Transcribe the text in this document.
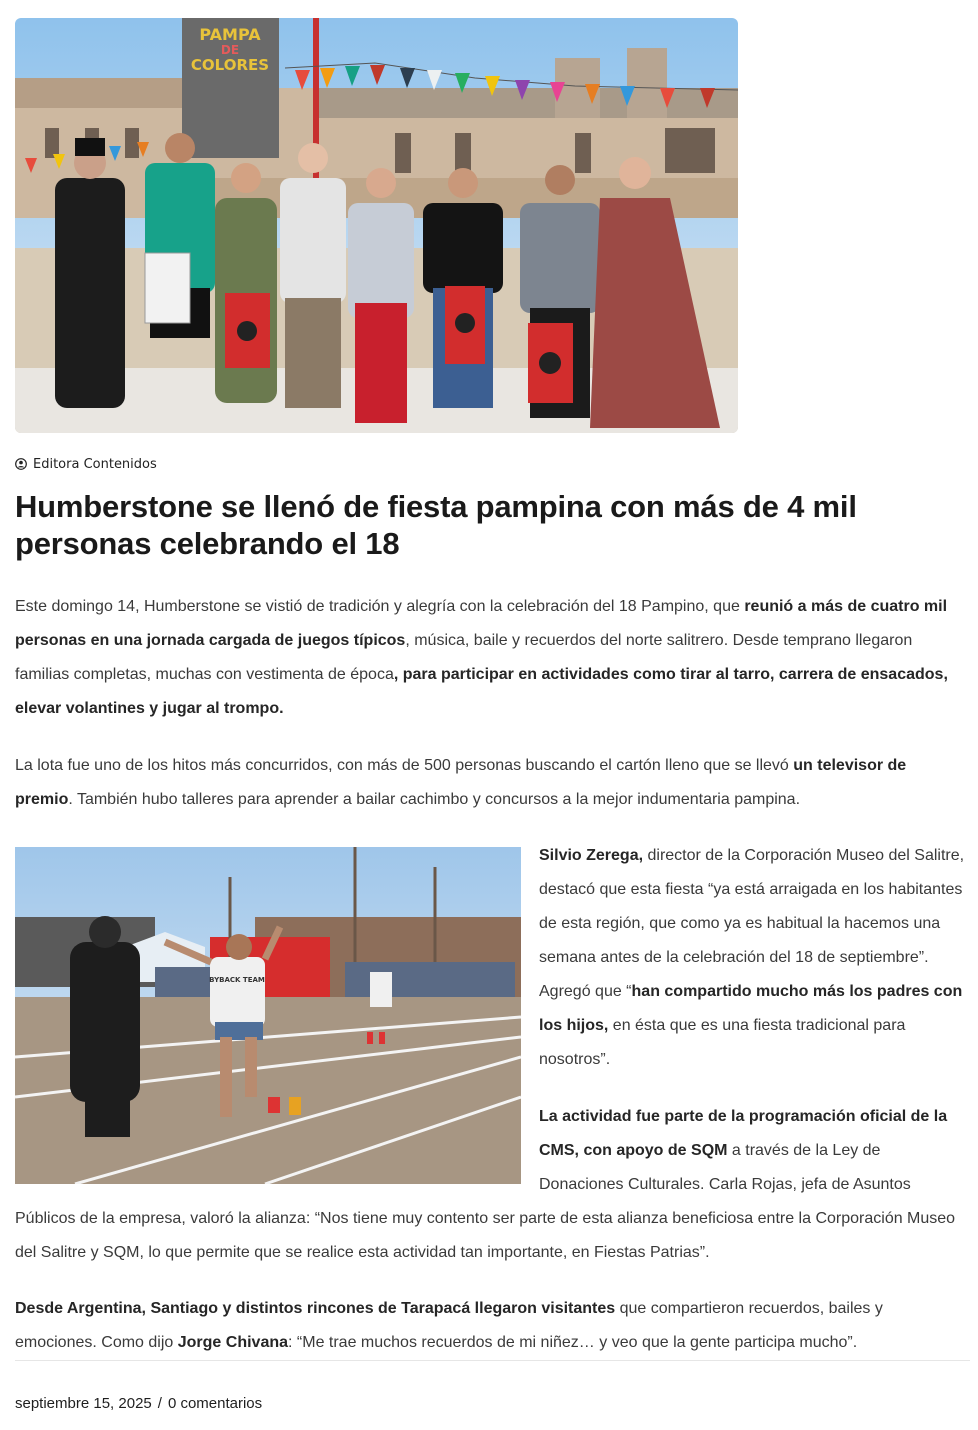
PAMPA
DE
COLORES
Editora Contenidos
Humberstone se llenó de fiesta pampina con más de 4 mil personas celebrando el 18

Este domingo 14, Humberstone se vistió de tradición y alegría con la celebración del 18 Pampino, que reunió a más de cuatro mil personas en una jornada cargada de juegos típicos, música, baile y recuerdos del norte salitrero. Desde temprano llegaron familias completas, muchas con vestimenta de época, para participar en actividades como tirar al tarro, carrera de ensacados, elevar volantines y jugar al trompo.

La lota fue uno de los hitos más concurridos, con más de 500 personas buscando el cartón lleno que se llevó un televisor de premio. También hubo talleres para aprender a bailar cachimbo y concursos a la mejor indumentaria pampina.

BYBACK TEAM

Silvio Zerega, director de la Corporación Museo del Salitre, destacó que esta fiesta “ya está arraigada en los habitantes de esta región, que como ya es habitual la hacemos una semana antes de la celebración del 18 de septiembre”. Agregó que “han compartido mucho más los padres con los hijos, en ésta que es una fiesta tradicional para nosotros”.

La actividad fue parte de la programación oficial de la CMS, con apoyo de SQM a través de la Ley de Donaciones Culturales. Carla Rojas, jefa de Asuntos

Públicos de la empresa, valoró la alianza: “Nos tiene muy contento ser parte de esta alianza beneficiosa entre la Corporación Museo del Salitre y SQM, lo que permite que se realice esta actividad tan importante, en Fiestas Patrias”.

Desde Argentina, Santiago y distintos rincones de Tarapacá llegaron visitantes que compartieron recuerdos, bailes y emociones. Como dijo Jorge Chivana: “Me trae muchos recuerdos de mi niñez… y veo que la gente participa mucho”.

septiembre 15, 2025 / 0 comentarios
